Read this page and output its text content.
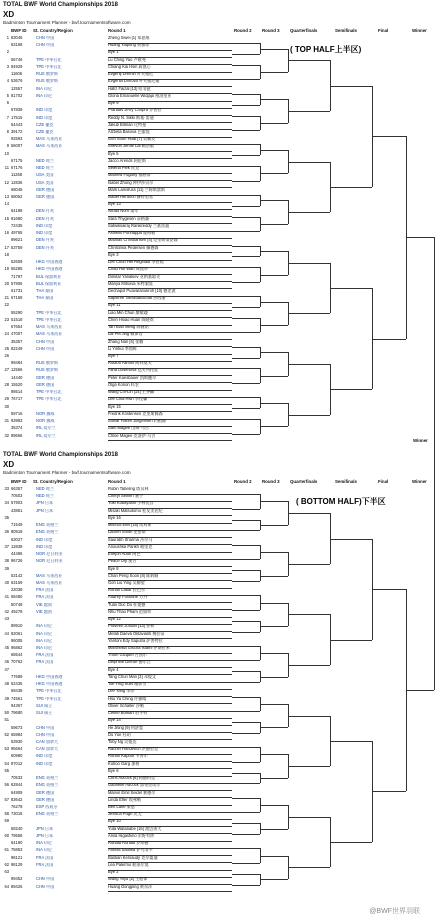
TOTAL BWF World Championships 2018
XD
Badminton Tournament Planner - bwf.tournamentsoftware.com
BWF ID St. Country/Region	Round 1	Round 2 Round 3 Quarterfinals	Semifinals	Final	Winner
( TOP HALF上半区)
1 83046	CHN 中国	Zheng Siwei [1] 郑思维
63168	CHN 中国	Huang Yaqiong 黄雅琼
2	Bye 1
56746	TPE 中华台北	Lu Ching Yao 卢敬尧
3 84929	TPE 中华台北	Chiang Kai Hsin 蒋凯心
11606	RUS 俄罗斯	Evgenij Dremin 叶夫根尼
4 53676	RUS 俄罗斯	Evgenia Dimova 叶夫根尼娅
12557	INA 印尼	Hafiz Faizal [13] 哈菲兹
5 81702	INA 印尼	Gloria Emanuelle Widjaja 格洛里亚
6	Bye 9
57839	IND 印度	Pranaav Jerry Chopra 乔普拉
7 17515	IND 印度	Reddy N. Sikki 斯基·雷迪
54443	CZE 捷克	Jakub Bitman 比特曼
8 39172	CZE 捷克	Alzbeta Basova 巴索娃
92593	MAS 马来西亚	Goh Soon Huat [7] 吴顺发
9 56007	MAS 马来西亚	Shevon Jemie Lai 赖洁敏
10	Bye 5
67175	NED 荷兰	Jacco Arends 阿伦斯
11 67176	NED 荷兰	Selena Piek 皮克
11268	USA 美国	Mathew Fogarty 福格蒂
12 12836	USA 美国	Isabel Zhong 钟伊莎贝尔
68045	GER 德国	Mark Lamsfuss [11] 兰姆斯富斯
13 68052	GER 德国	Isabel Herttrich 赫特里希
14	Bye 13
64188	DEN 丹麦	Niclas Nohr 诺尔
15 81680	DEN 丹麦	Sara Thygesen 蒂格森
72435	IND 印度	Satwiksairaj Rankireddy 兰基雷迪
16 49765	IND 印度	Ashwini Ponnappa 庞纳帕
99621	DEN 丹麦	Mathias Christiansen [4] 克里斯蒂安森
17 53759	DEN 丹麦	Christinna Pedersen 佩德森
18	Bye 3
52609	HKG 中国香港	Lee Chun Hei Reginald 李晋熙
19 55285	HKG 中国香港	Chau Hoi Wah 周凯华
71797	BUL 保加利亚	Dimitar Yanakiev 亚纳基耶夫
20 57906	BUL 保加利亚	Mariya Mitsova 米特索娃
61731	THA 泰国	Dechapol Puavaranukroh [10] 德差波
21 67158	THA 泰国	Sapsiree Taerattanachai 沙西丽
22	Bye 11
55290	TPE 中华台北	Liao Min Chun 廖敏竣
23 51518	TPE 中华台北	Chen Hsiao Huan 陈晓欢
67654	MAS 马来西亚	Tan Kian Meng 陈健铭
24 47007	MAS 马来西亚	Lai Pei Jing 赖沛君
35357	CHN 中国	Zhang Nan [6] 张楠
25 82249	CHN 中国	Li Yinhui 李茵晖
26	Bye 7
99484	RUS 俄罗斯	Rodion Alimov 阿利莫夫
27 12566	RUS 俄罗斯	Alina Davletova 达夫列托娃
14440	GER 德国	Peter Kaesbauer 凯斯鲍尔
28 15520	GER 德国	Olga Konon 科农
98514	TPE 中华台北	Wang Chi-Lin [14] 王齐麟
29 76717	TPE 中华台北	Lee Chia Hsin 李佳馨
30	Bye 15
59716	NOR 挪威	Fredrik Kristensen 克里斯滕森
31 93983	NOR 挪威	Solvår Flåten Jørgensen 约根森
35374	IRL 爱尔兰	Sam Magee 山姆·马吉
32 89666	IRL 爱尔兰	Chloe Magee 克洛伊·马吉
TOTAL BWF World Championships 2018
XD
Badminton Tournament Planner - bwf.tournamentsoftware.com
BWF ID St. Country/Region	Round 1	Round 2 Round 3 Quarterfinals	Semifinals	Final	Winner
( BOTTOM HALF)下半区
33 66357	NED 荷兰	Robin Tabeling 塔贝林
70503	NED 荷兰	Cheryl Seinen 塞宁
34 67903	JPN 日本	Yuki Kobayashi 小林优吾
43851	JPN 日本	Misaki Matsutomo 松友美佐纪
35	Bye 16
71549	ENG 英格兰	Marcus Ellis [15] 埃利斯
36 80918	ENG 英格兰	Lauren Smith 史密斯
63027	IND 印度	Saurabh Sharma 沙尔马
37 12838	IND 印度	Anoushka Parikh 帕里克
44496	NGR 尼日利亚	Enejoh Abah 阿巴
38 96726	NGR 尼日利亚	Peace Orji 奥吉
39	Bye 8
53142	MAS 马来西亚	Chan Peng Soon [8] 陈炳顺
40 53159	MAS 马来西亚	Goh Liu Ying 吴柳萤
22038	FRA 法国	Ronan Labar 拉巴尔
41 68480	FRA 法国	Audrey Fontaine 方丹
50748	VIE 越南	Tuan Duc Do 杜俊德
42 49278	VIE 越南	Nhu Thao Pham 范如草
43	Bye 12
89910	INA 印尼	Praveen Jordan [13] 普林
44 82061	INA 印尼	Melati Daeva Oktavianti 梅拉蒂
96005	INA 印尼	Yantoni Edy Saputra 萨普特拉
45 96862	INA 印尼	Marsheilla Gischa Islami 伊斯拉米
68544	FRA 法国	Thom Gicquel 吉凯尔
46 70762	FRA 法国	Delphine Delrue 德尔吕
47	Bye 4
77689	HKG 中国香港	Tang Chun Man [3] 邓俊文
48 62435	HKG 中国香港	Tse Ying Suet 谢影雪
69438	TPE 中华台北	Lee Yang 李洋
49 74561	TPE 中华台北	Hsu Ya Ching 许雅晴
94367	SUI 瑞士	Oliver Schaller 沙勒
50 79680	SUI 瑞士	Celine Burkart 伯卡特
51	Bye 14
59673	CHN 中国	He Jiting [9] 何济霆
52 65984	CHN 中国	Du Yue 杜玥
53930	CAN 加拿大	Toby Ng 吴俊达
53 95664	CAN 加拿大	Rachel Honderich 洪德里克
60980	IND 印度	Rohan Kapoor 卡普尔
54 87012	IND 印度	Kuhoo Garg 加格
55	Bye 6
70533	ENG 英格兰	Chris Adcock [6] 阿德科克
56 62844	ENG 英格兰	Gabrielle Adcock 加布里埃尔
64909	GER 德国	Marvin Emil Seidel 赛德尔
57 83642	GER 德国	Linda Efler 埃弗勒
76278	ESP 西班牙	Ben Lane 莱恩
58 73018	ENG 英格兰	Jessica Pugh 皮尤
59	Bye 10
58240	JPN 日本	Yuta Watanabe [16] 渡边勇大
60 79558	JPN 日本	Arisa Higashino 东野有纱
64180	INA 印尼	Ronald Ronald 罗纳德
61 75853	INA 印尼	Annisa Saufika 萨乌菲卡
98121	FRA 法国	Bastian Kersaudy 克尔索迪
62 98129	FRA 法国	Lea Palermo 帕莱尔莫
63	Bye 2
99452	CHN 中国	Wang Yilyu [2] 王懿律
64 89426	CHN 中国	Huang Dongping 黄东萍
Winner
@BWF世界羽联
